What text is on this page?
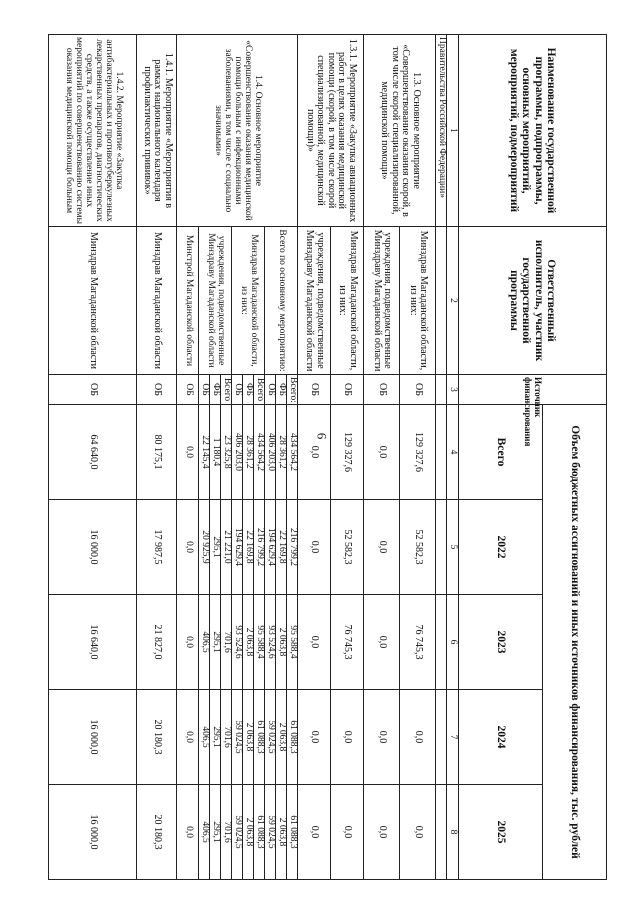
6
Наименование государственной программы, подпрограммы, основных мероприятий, мероприятий, подмероприятий	Ответственный исполнитель, участник государственной программы	Источник финансирования	Объем бюджетных ассигнований и иных источников финансирования, тыс. рублей				
			Всего	2022	2023	2024	2025
1	2	3	4	5	6	7	8
Правительства Российской Федерации»							
1.3. Основное мероприятие «Совершенствование оказания скорой, в том числе скорой специализированной, медицинской помощи»	Минздрав Магаданской области, из них:	ОБ	129 327,6	52 582,3	76 745,3	0,0	0,0
	учреждения, подведомственные Минздраву Магаданской области	ОБ	0,0	0,0	0,0	0,0	0,0
1.3.1. Мероприятие «Закупка авиационных работ в целях оказания медицинской помощи (скорой, в том числе скорой специализированной, медицинской помощи)»	Минздрав Магаданской области, из них:	ОБ	129 327,6	52 582,3	76 745,3	0,0	0,0
	учреждения, подведомственные Минздраву Магаданской области	ОБ	0,0	0,0	0,0	0,0	0,0
1.4. Основное мероприятие «Совершенствование оказания медицинской помощи больным с инфекционными заболеваниями, в том числе с социально значимыми»	Всего по основному мероприятию:	Всего:	434 564,2	216 799,2	95 588,4	61 088,3	61 088,3
		ФБ	28 361,2	22 169,8	2 063,8	2 063,8	2 063,8
		ОБ	406 203,0	194 629,4	93 524,6	59 024,5	59 024,5
	Минздрав Магаданской области, из них:	Всего	434 564,2	216 799,2	95 588,4	61 088,3	61 088,3
		ФБ	28 361,2	22 169,8	2 063,8	2 063,8	2 063,8
		ОБ	406 203,0	194 629,4	93 524,6	59 024,5	59 024,5
	учреждения, подведомственные Минздраву Магаданской области	Всего	23 325,8	21 221,0	701,6	701,6	701,6
		ФБ	1 180,4	295,1	295,1	295,1	295,1
		ОБ	22 145,4	20 925,9	406,5	406,5	406,5
	Минстрой Магаданской области	ОБ	0,0	0,0	0,0	0,0	0,0
1.4.1. Мероприятие «Мероприятия в рамках национального календаря профилактических прививок»	Минздрав Магаданской области	ОБ	80 175,1	17 987,5	21 827,0	20 180,3	20 180,3
1.4.2. Мероприятие «Закупка антибактериальных и противотуберкулезных лекарственных препаратов, диагностических средств, а также осуществление иных мероприятий по совершенствованию системы оказания медицинской помощи больным	Минздрав Магаданской области	ОБ	64 640,0	16 000,0	16 640,0	16 000,0	16 000,0
